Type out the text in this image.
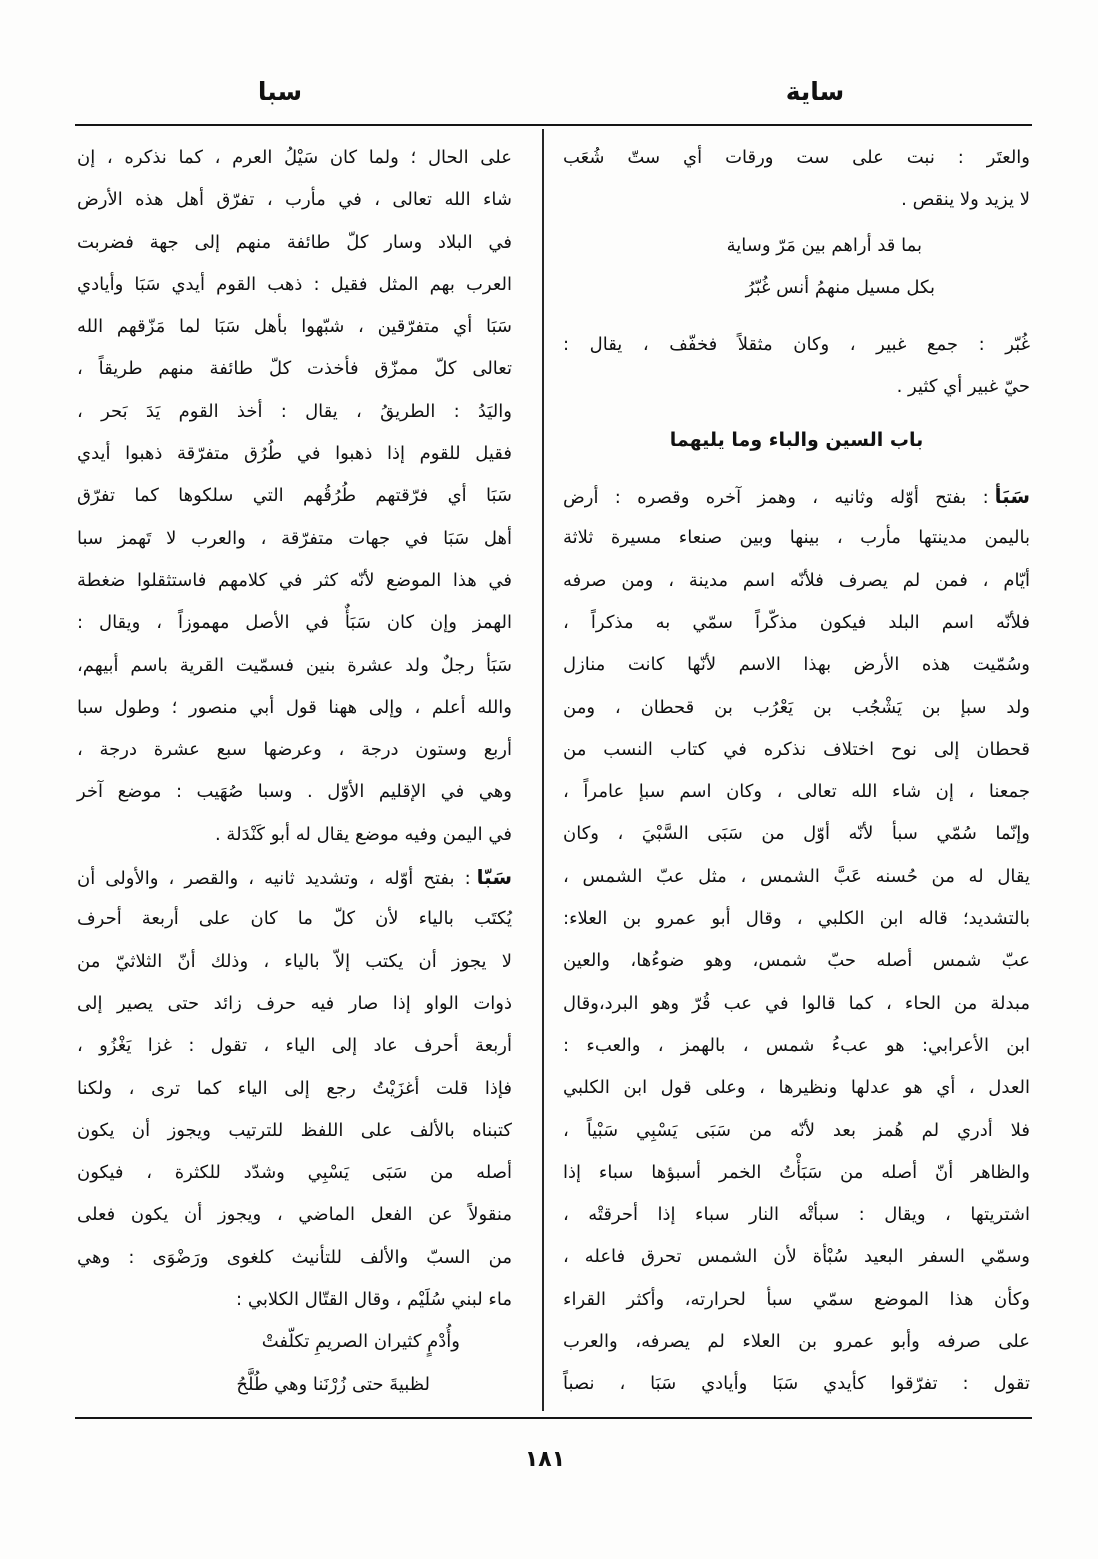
ساية
سبا
والعتَر : نبت على ست ورقات أي ستّ شُعَب
لا يزيد ولا ينقص .
بما قد أراهم بين مَرّ وساية
بكل مسيل منهمُ أنس غُبّرُ
غُبّر : جمع غبير ، وكان مثقلاً فخفّف ، يقال :
حيّ غبير أي كثير .
باب السين والباء وما يليهما
سَبَأ: بفتح أوّله وثانيه ، وهمز آخره وقصره : أرض
باليمن مدينتها مأرب ، بينها وبين صنعاء مسيرة ثلاثة
أيّام ، فمن لم يصرف فلأنّه اسم مدينة ، ومن صرفه
فلأنّه اسم البلد فيكون مذكّراً سمّي به مذكراً ،
وسُمّيت هذه الأرض بهذا الاسم لأنّها كانت منازل
ولد سبإ بن يَشْجُب بن يَعْرُب بن قحطان ، ومن
قحطان إلى نوح اختلاف نذكره في كتاب النسب من
جمعنا ، إن شاء الله تعالى ، وكان اسم سبإ عامراً ،
وإنّما سُمّي سبأ لأنّه أوّل من سَبَى السَّبْيَ ، وكان
يقال له من حُسنه عَبَّ الشمس ، مثل عبّ الشمس ،
بالتشديد؛ قاله ابن الكلبي ، وقال أبو عمرو بن العلاء:
عبّ شمس أصله حبّ شمس، وهو ضوءُها، والعين
مبدلة من الحاء ، كما قالوا في عب قُرّ وهو البرد،وقال
ابن الأعرابي: هو عبءُ شمس ، بالهمز ، والعبء :
العدل ، أي هو عدلها ونظيرها ، وعلى قول ابن الكلبي
فلا أدري لم هُمز بعد لأنّه من سَبَى يَسْبِي سَبْياً ،
والظاهر أنّ أصله من سَبَأْتُ الخمر أسبؤها سباء إذا
اشتريتها ، ويقال : سبأتْه النار سباء إذا أحرقتْه ،
وسمّي السفر البعيد سُبْأة لأن الشمس تحرق فاعله ،
وكأن هذا الموضع سمّي سبأ لحرارته، وأكثر القراء
على صرفه وأبو عمرو بن العلاء لم يصرفه، والعرب
تقول : تفرّقوا كأيدي سَبَا وأيادي سَبَا ، نصباً
على الحال ؛ ولما كان سَيْلُ العرم ، كما نذكره ، إن
شاء الله تعالى ، في مأرب ، تفرّق أهل هذه الأرض
في البلاد وسار كلّ طائفة منهم إلى جهة فضربت
العرب بهم المثل فقيل : ذهب القوم أيدي سَبَا وأيادي
سَبَا أي متفرّقين ، شبّهوا بأهل سَبَا لما مَزّقهم الله
تعالى كلّ ممزّق فأخذت كلّ طائفة منهم طريقاً ،
واليَدُ : الطريقُ ، يقال : أخذ القوم يَدَ بَحر ،
فقيل للقوم إذا ذهبوا في طُرُق متفرّقة ذهبوا أيدي
سَبَا أي فرّقتهم طُرُقُهم التي سلكوها كما تفرّق
أهل سَبَا في جهات متفرّقة ، والعرب لا تَهمز سبا
في هذا الموضع لأنّه كثر في كلامهم فاستثقلوا ضغطة
الهمز وإن كان سَبَأٌ في الأصل مهموزاً ، ويقال :
سَبَأ رجلٌ ولد عشرة بنين فسمّيت القرية باسم أبيهم،
والله أعلم ، وإلى ههنا قول أبي منصور ؛ وطول سبا
أربع وستون درجة ، وعرضها سبع عشرة درجة ،
وهي في الإقليم الأوّل . وسبا صُهَيب : موضع آخر
في اليمن وفيه موضع يقال له أبو كَنْدَلة .
سَبّا: بفتح أوّله ، وتشديد ثانيه ، والقصر ، والأولى أن
يُكتَب بالياء لأن كلّ ما كان على أربعة أحرف
لا يجوز أن يكتب إلاّ بالياء ، وذلك أنّ الثلاثيّ من
ذوات الواو إذا صار فيه حرف زائد حتى يصير إلى
أربعة أحرف عاد إلى الياء ، تقول : غزا يَغْزُو ،
فإذا قلت أغزَيْتُ رجع إلى الياء كما ترى ، ولكنا
كتبناه بالألف على اللفظ للترتيب ويجوز أن يكون
أصله من سَبَى يَسْبِي وشدّد للكثرة ، فيكون
منقولاً عن الفعل الماضي ، ويجوز أن يكون فعلى
من السبّ والألف للتأنيث كلغوى ورَضْوَى : وهي
ماء لبني سُلَيْم ، وقال القتّال الكلابي :
وأُدْمٍ كثيران الصريمِ تكلّفتْ
لظبيةَ حتى زُرْنَنا وهي طُلَّحُ
١٨١
